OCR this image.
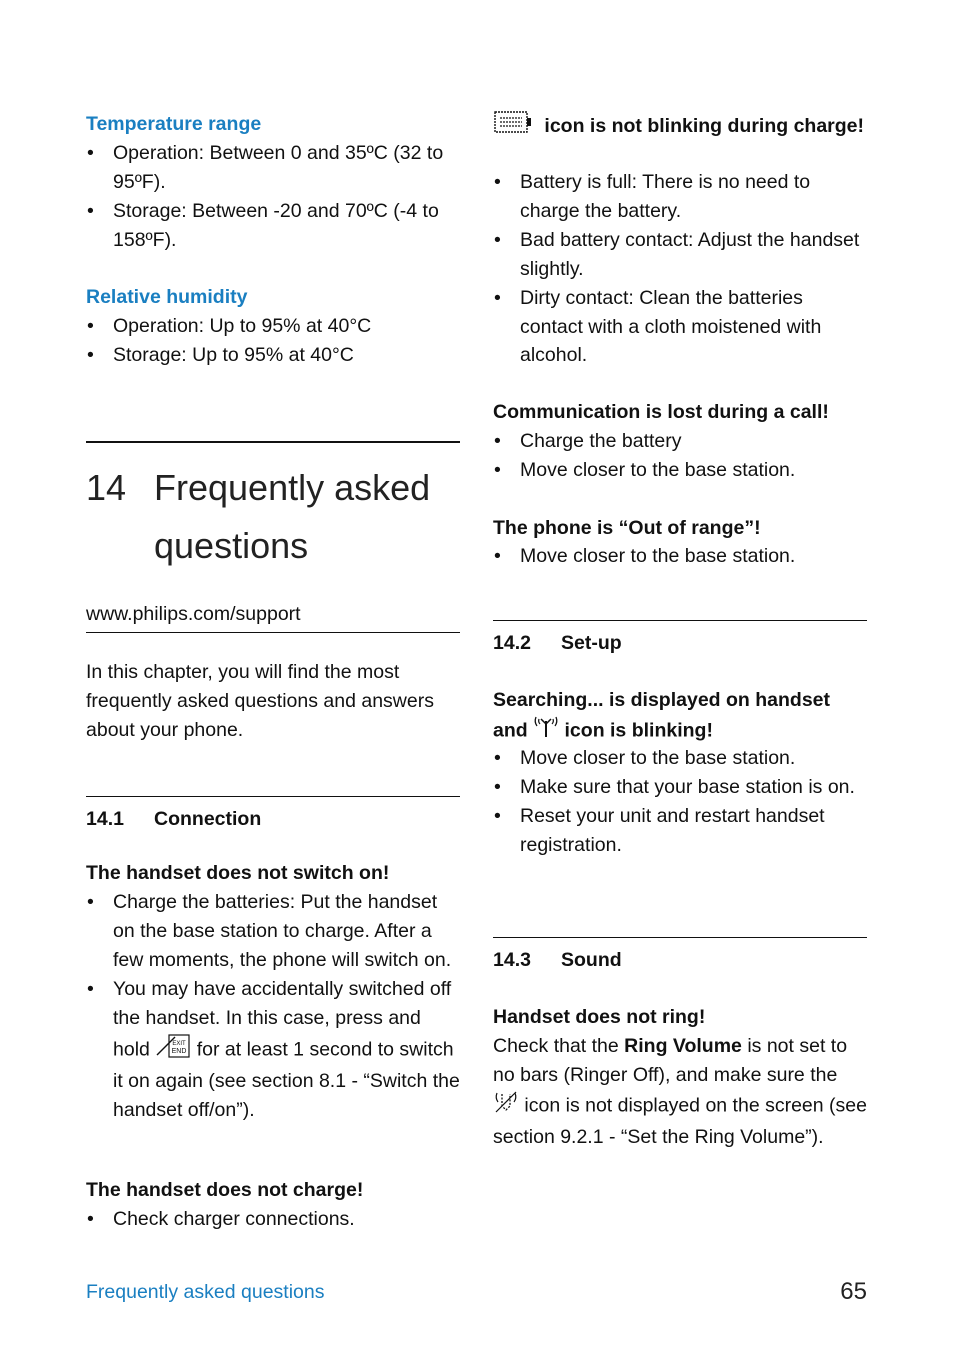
Temperature range
• Operation: Between 0 and 35ºC (32 to 95ºF).
• Storage: Between -20 and 70ºC (-4 to 158ºF).
Relative humidity
• Operation: Up to 95% at 40°C
• Storage: Up to 95% at 40°C
14 Frequently asked
questions
www.philips.com/support
In this chapter, you will find the most frequently asked questions and answers about your phone.
14.1 Connection
The handset does not switch on!
• Charge the batteries: Put the handset on the base station to charge. After a few moments, the phone will switch on.
• You may have accidentally switched off the handset. In this case, press and hold	EXIT
END for at least 1 second to switch it on again (see section 8.1 - “Switch the handset off/on”).
The handset does not charge!
• Check charger connections.
icon is not blinking during charge!
• Battery is full: There is no need to charge the battery.
• Bad battery contact: Adjust the handset slightly.
• Dirty contact: Clean the batteries contact with a cloth moistened with alcohol.
Communication is lost during a call!
• Charge the battery
• Move closer to the base station.
The phone is “Out of range”!
• Move closer to the base station.
14.2 Set-up
Searching... is displayed on handset
and icon is blinking!
• Move closer to the base station.
• Make sure that your base station is on.
• Reset your unit and restart handset registration.
14.3 Sound
Handset does not ring!
Check that the Ring Volume is not set to no bars (Ringer Off), and make sure the  icon is not displayed on the screen (see section 9.2.1 - “Set the Ring Volume”).
Frequently asked questions	65
